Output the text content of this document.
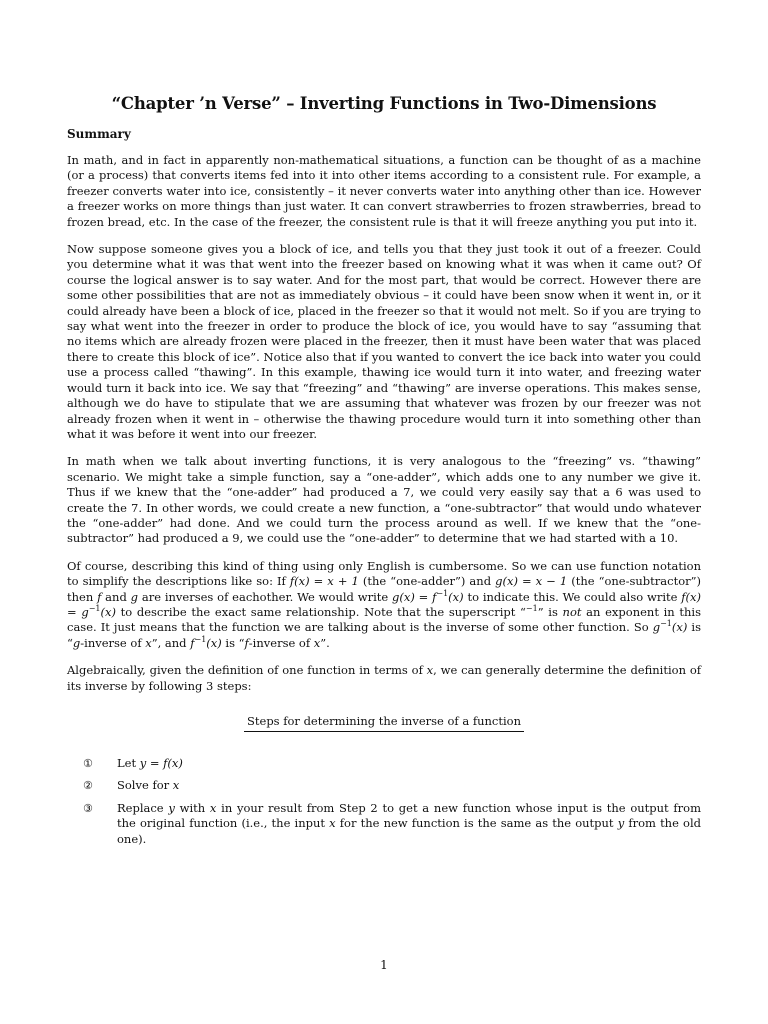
“Chapter ’n Verse” – Inverting Functions in Two-Dimensions
Summary

In math, and in fact in apparently non-mathematical situations, a function can be thought of as a machine (or a process) that converts items fed into it into other items according to a consistent rule. For example, a freezer converts water into ice, consistently – it never converts water into anything other than ice. However a freezer works on more things than just water. It can convert strawberries to frozen strawberries, bread to frozen bread, etc. In the case of the freezer, the consistent rule is that it will freeze anything you put into it.

Now suppose someone gives you a block of ice, and tells you that they just took it out of a freezer. Could you determine what it was that went into the freezer based on knowing what it was when it came out? Of course the logical answer is to say water. And for the most part, that would be correct. However there are some other possibilities that are not as immediately obvious – it could have been snow when it went in, or it could already have been a block of ice, placed in the freezer so that it would not melt. So if you are trying to say what went into the freezer in order to produce the block of ice, you would have to say “assuming that no items which are already frozen were placed in the freezer, then it must have been water that was placed there to create this block of ice”. Notice also that if you wanted to convert the ice back into water you could use a process called “thawing”. In this example, thawing ice would turn it into water, and freezing water would turn it back into ice. We say that “freezing” and “thawing” are inverse operations. This makes sense, although we do have to stipulate that we are assuming that whatever was frozen by our freezer was not already frozen when it went in – otherwise the thawing procedure would turn it into something other than what it was before it went into our freezer.

In math when we talk about inverting functions, it is very analogous to the “freezing” vs. “thawing” scenario. We might take a simple function, say a “one-adder”, which adds one to any number we give it. Thus if we knew that the “one-adder” had produced a 7, we could very easily say that a 6 was used to create the 7. In other words, we could create a new function, a “one-subtractor” that would undo whatever the “one-adder” had done. And we could turn the process around as well. If we knew that the “one-subtractor” had produced a 9, we could use the “one-adder” to determine that we had started with a 10.

Of course, describing this kind of thing using only English is cumbersome. So we can use function notation to simplify the descriptions like so: If f(x) = x + 1 (the “one-adder”) and g(x) = x − 1 (the “one-subtractor”) then f and g are inverses of eachother. We would write $g(x) = f^{-1}(x)$ to indicate this. We could also write $f(x) = g^{-1}(x)$ to describe the exact same relationship. Note that the superscript “$^{-1}$” is not an exponent in this case. It just means that the function we are talking about is the inverse of some other function. So $g^{-1}(x)$ is “g-inverse of x”, and $f^{-1}(x)$ is “f-inverse of x”.

Algebraically, given the definition of one function in terms of x, we can generally determine the definition of its inverse by following 3 steps:

Steps for determining the inverse of a function
①	Let y = f(x)
②	Solve for x
③	Replace y with x in your result from Step 2 to get a new function whose input is the output from the original function (i.e., the input x for the new function is the same as the output y from the old one).
1
